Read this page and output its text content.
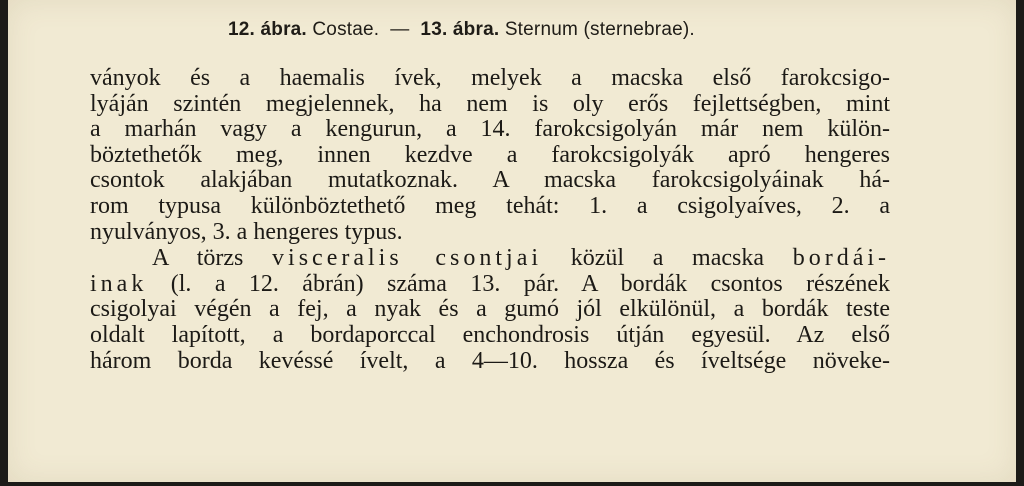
12. ábra. Costae. — 13. ábra. Sternum (sternebrae).
ványok és a haemalis ívek, melyek a macska első farokcsigo-
lyáján szintén megjelennek, ha nem is oly erős fejlettségben, mint
a marhán vagy a kengurun, a 14. farokcsigolyán már nem külön-
böztethetők meg, innen kezdve a farokcsigolyák apró hengeres
csontok alakjában mutatkoznak. A macska farokcsigolyáinak há-
rom typusa különböztethető meg tehát: 1. a csigolyaíves, 2. a
nyulványos, 3. a hengeres typus.
A törzs visceralis csontjai közül a macska bordái-
inak (l. a 12. ábrán) száma 13. pár. A bordák csontos részének
csigolyai végén a fej, a nyak és a gumó jól elkülönül, a bordák teste
oldalt lapított, a bordaporccal enchondrosis útján egyesül. Az első
három borda kevéssé ívelt, a 4—10. hossza és íveltsége növeke-
